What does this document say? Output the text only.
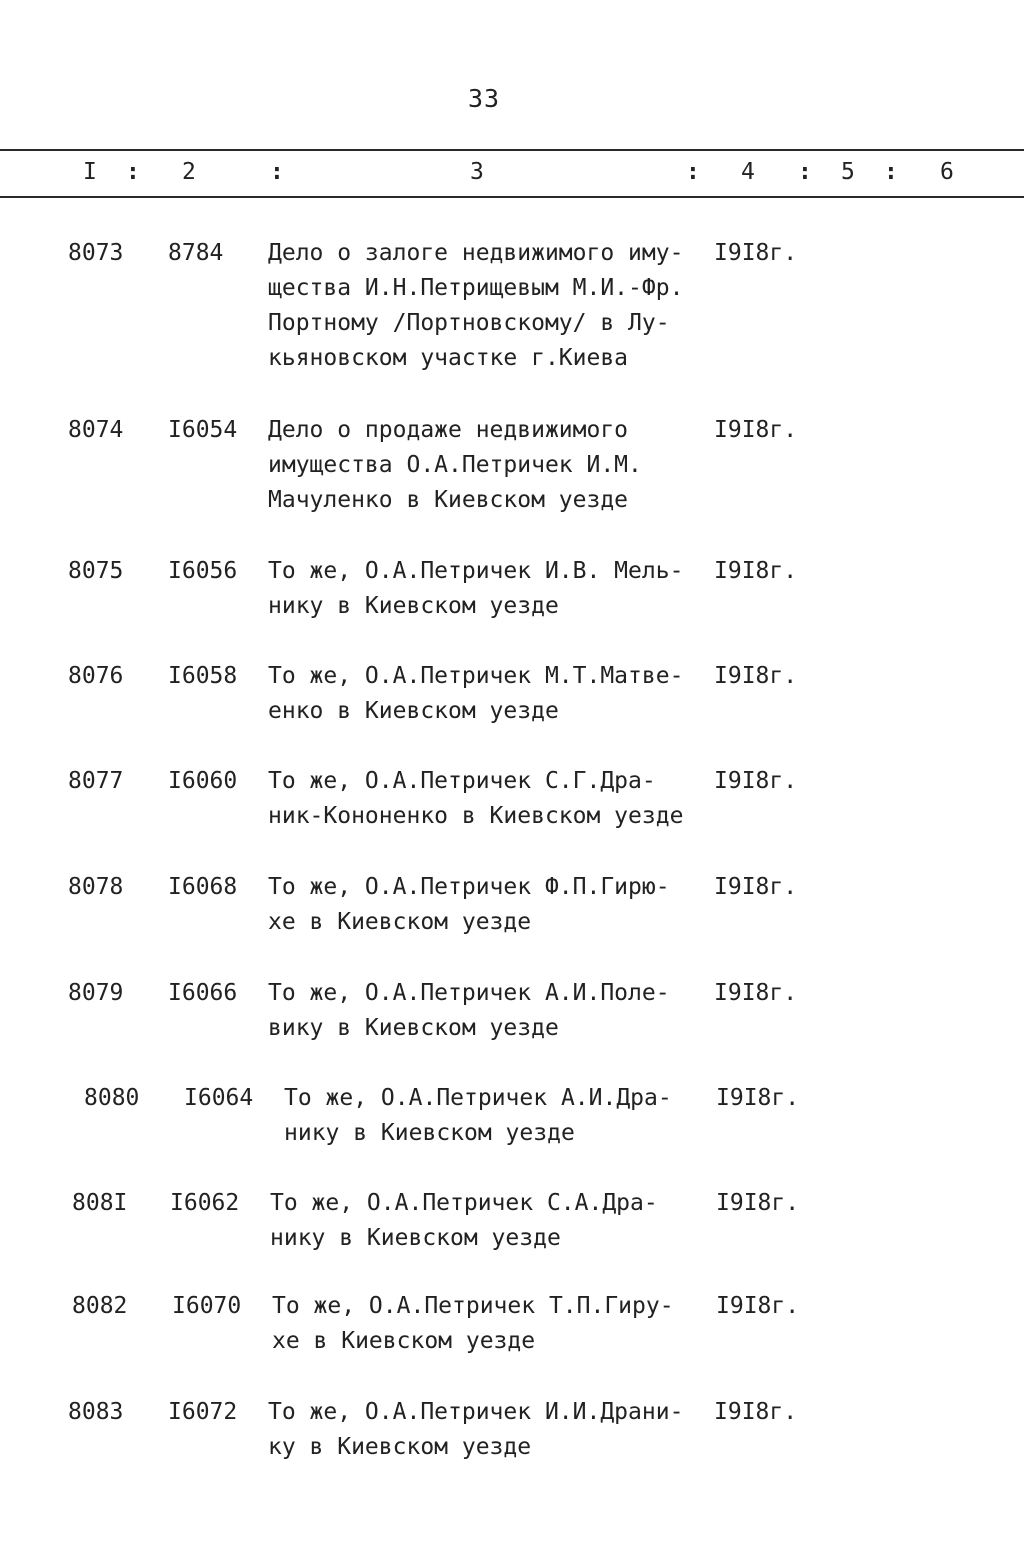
33
I : 2	:	3	: 4 : 5 : 6
8073 8784 Дело о залоге недвижимого иму-
щества И.Н.Петрищевым М.И.-Фр.
Портному /Портновскому/ в Лу-
кьяновском участке г.Киева
I9I8г.
8074 I6054 Дело о продаже недвижимого
имущества О.А.Петричек И.М.
Мачуленко в Киевском уезде
I9I8г.
8075 I6056 То же, О.А.Петричек И.В. Мель-
нику в Киевском уезде
I9I8г.
8076 I6058 То же, О.А.Петричек М.Т.Матве-
енко в Киевском уезде
I9I8г.
8077 I6060 То же, О.А.Петричек С.Г.Дра-
ник-Кононенко в Киевском уезде
I9I8г.
8078 I6068 То же, О.А.Петричек Ф.П.Гирю-
хе в Киевском уезде
I9I8г.
8079 I6066 То же, О.А.Петричек А.И.Поле-
вику в Киевском уезде
I9I8г.
8080 I6064 То же, О.А.Петричек А.И.Дра-
нику в Киевском уезде
I9I8г.
808I I6062 То же, О.А.Петричек С.А.Дра-
нику в Киевском уезде
I9I8г.
8082 I6070 То же, О.А.Петричек Т.П.Гиру-
хе в Киевском уезде
I9I8г.
8083 I6072 То же, О.А.Петричек И.И.Драни-
ку в Киевском уезде
I9I8г.
